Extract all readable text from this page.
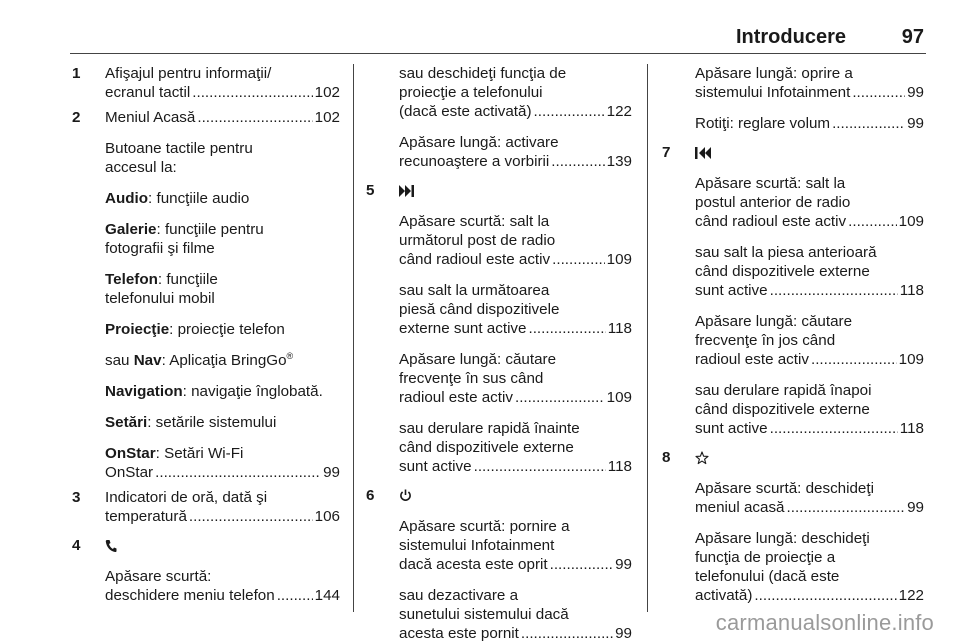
Introducere	97
1 Afişajul pentru informaţii/
ecranul tactil .....	102
2 Meniul Acasă .....	102
Butoane tactile pentru
accesul la:
Audio: funcţiile audio
Galerie: funcţiile pentru
fotografii şi filme
Telefon: funcţiile
telefonului mobil
Proiecţie: proiecţie telefon
sau Nav: Aplicaţia BringGo®
Navigation: navigaţie înglobată.
Setări: setările sistemului
OnStar: Setări Wi-Fi
OnStar .....	99
3 Indicatori de oră, dată şi
temperatură .....	106
4
Apăsare scurtă:
deschidere meniu telefon .....	144
sau deschideţi funcţia de
proiecţie a telefonului
(dacă este activată) .....	122
Apăsare lungă: activare
recunoaştere a vorbirii .....	139
5
Apăsare scurtă: salt la
următorul post de radio
când radioul este activ .....	109
sau salt la următoarea
piesă când dispozitivele
externe sunt active .....	118
Apăsare lungă: căutare
frecvenţe în sus când
radioul este activ .....	109
sau derulare rapidă înainte
când dispozitivele externe
sunt active .....	118
6
Apăsare scurtă: pornire a
sistemului Infotainment
dacă acesta este oprit .....	99
sau dezactivare a
sunetului sistemului dacă
acesta este pornit .....	99
Apăsare lungă: oprire a
sistemului Infotainment .....	99
Rotiţi: reglare volum .....	99
7
Apăsare scurtă: salt la
postul anterior de radio
când radioul este activ .....	109
sau salt la piesa anterioară
când dispozitivele externe
sunt active .....	118
Apăsare lungă: căutare
frecvenţe în jos când
radioul este activ .....	109
sau derulare rapidă înapoi
când dispozitivele externe
sunt active .....	118
8
Apăsare scurtă: deschideţi
meniul acasă .....	99
Apăsare lungă: deschideţi
funcţia de proiecţie a
telefonului (dacă este
activată) .....	122
carmanualsonline.info
